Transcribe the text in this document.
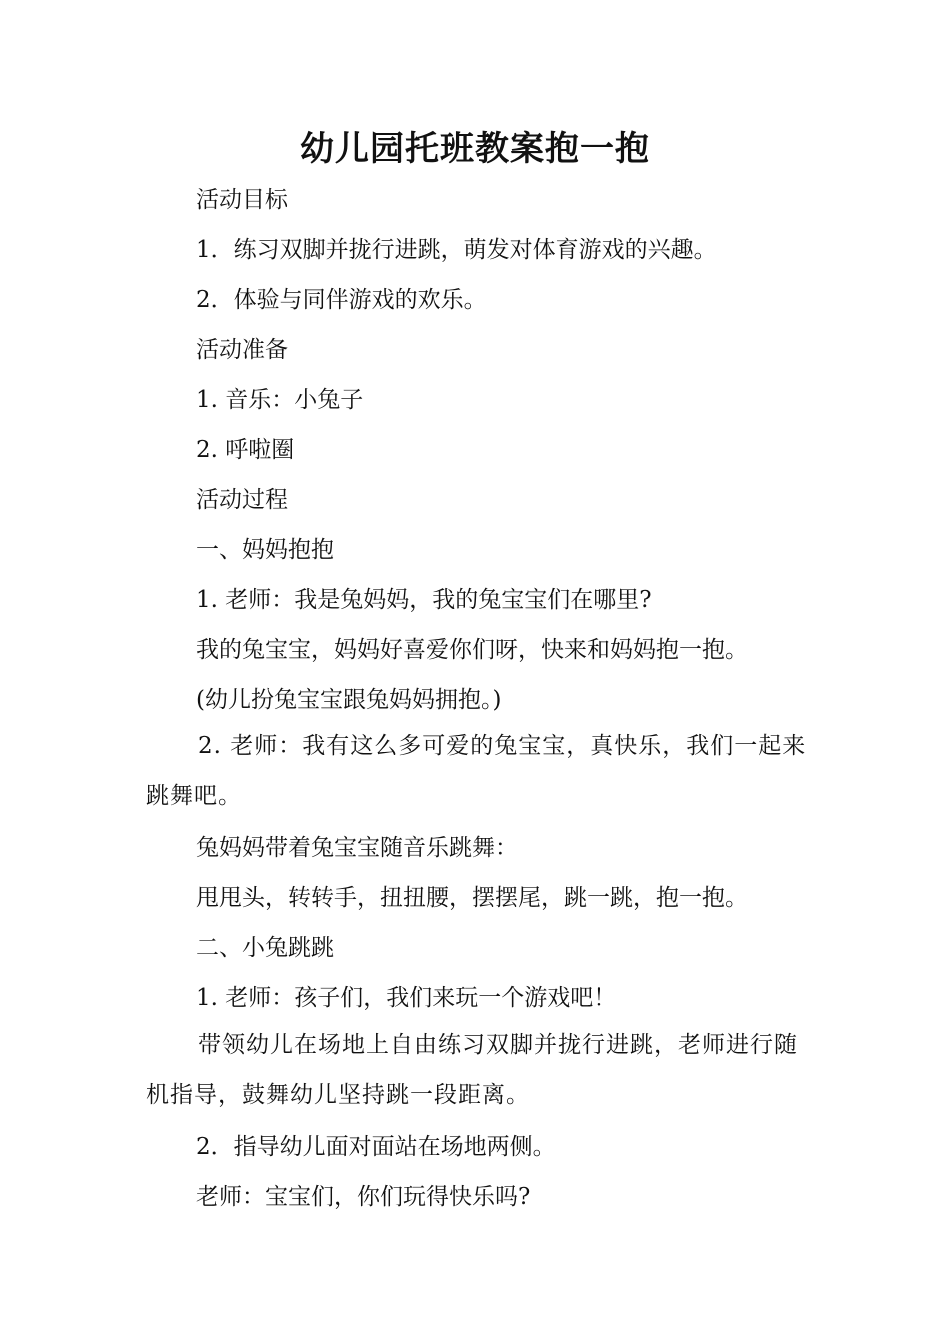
幼儿园托班教案抱一抱

活动目标

1．练习双脚并拢行进跳，萌发对体育游戏的兴趣。

2．体验与同伴游戏的欢乐。

活动准备

1. 音乐：小兔子

2. 呼啦圈

活动过程

一、妈妈抱抱

1. 老师：我是兔妈妈，我的兔宝宝们在哪里?

我的兔宝宝，妈妈好喜爱你们呀，快来和妈妈抱一抱。

(幼儿扮兔宝宝跟兔妈妈拥抱。)

2. 老师：我有这么多可爱的兔宝宝，真快乐，我们一起来跳舞吧。

兔妈妈带着兔宝宝随音乐跳舞：

甩甩头，转转手，扭扭腰，摆摆尾，跳一跳，抱一抱。

二、小兔跳跳

1. 老师：孩子们，我们来玩一个游戏吧！

带领幼儿在场地上自由练习双脚并拢行进跳，老师进行随机指导，鼓舞幼儿坚持跳一段距离。

2．指导幼儿面对面站在场地两侧。

老师：宝宝们，你们玩得快乐吗?
